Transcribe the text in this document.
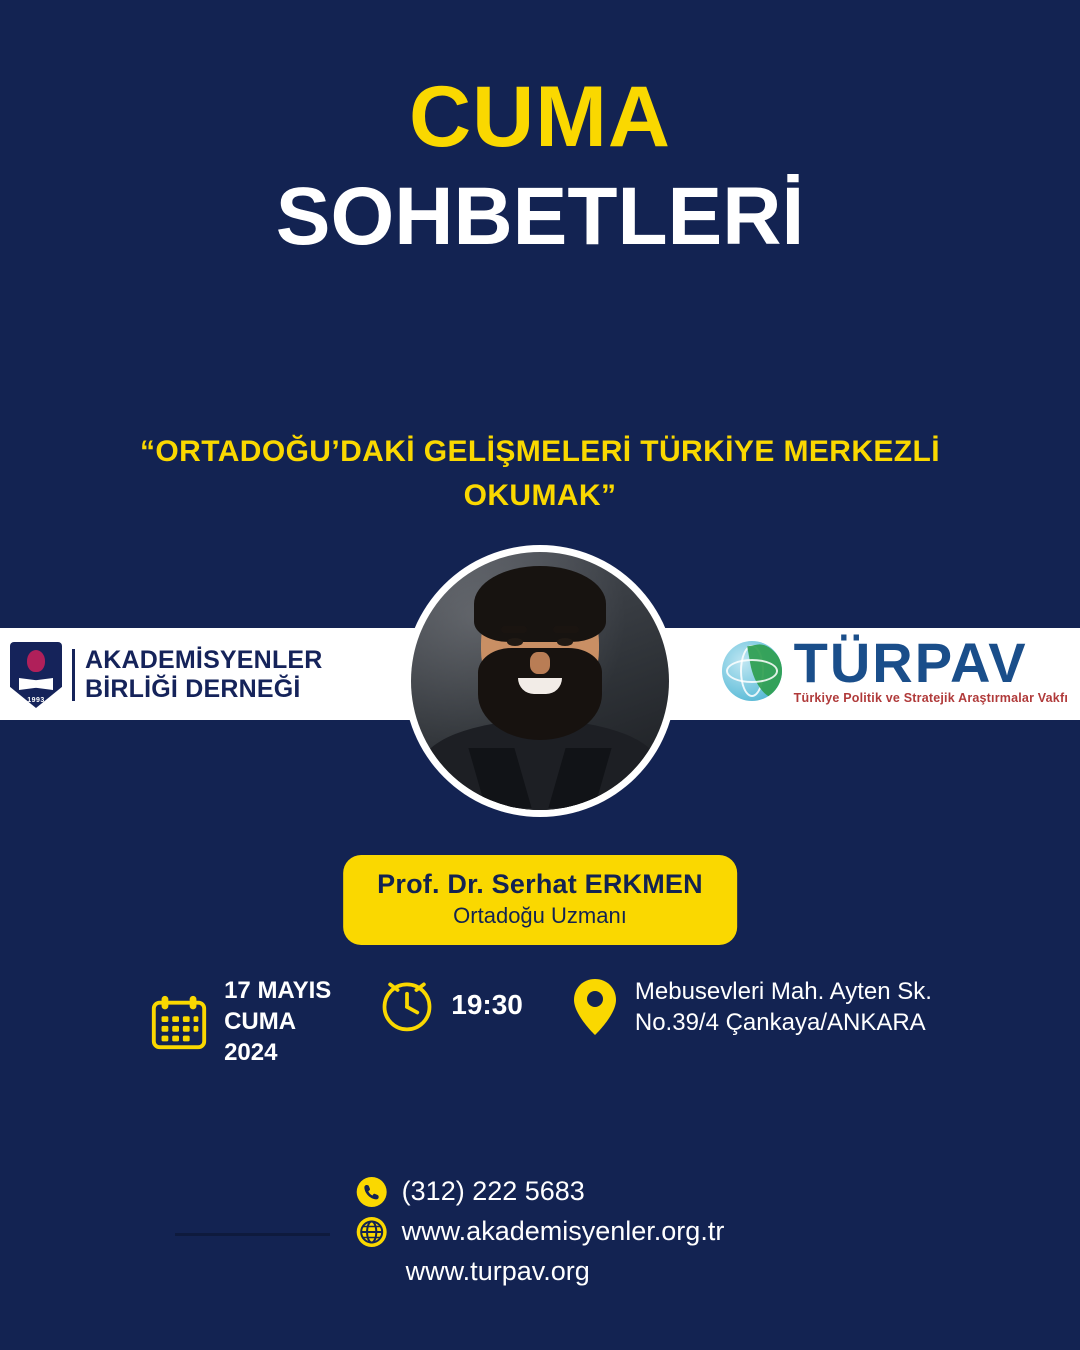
CUMA
SOHBETLERİ
“ORTADOĞU’DAKİ GELİŞMELERİ TÜRKİYE MERKEZLİ OKUMAK”
1993
AKADEMİSYENLER
BİRLİĞİ DERNEĞİ	TÜRPAV
Türkiye Politik ve Stratejik Araştırmalar Vakfı
Prof. Dr. Serhat ERKMEN
Ortadoğu Uzmanı
17 MAYIS
CUMA
2024
19:30	Mebusevleri Mah. Ayten Sk.
No.39/4 Çankaya/ANKARA
(312) 222 5683
www.akademisyenler.org.tr
www.turpav.org
